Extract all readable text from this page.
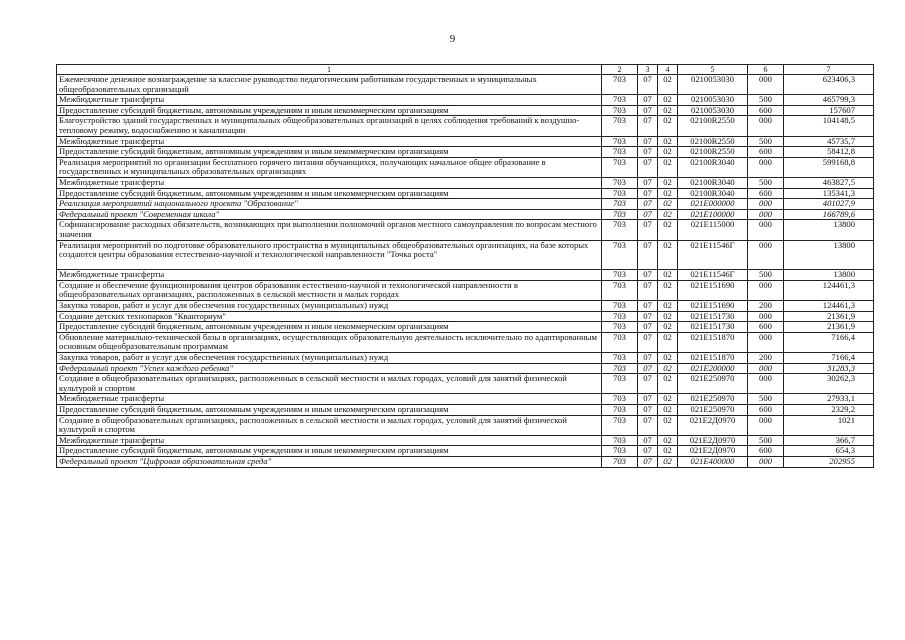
9
1	2	3	4	5	6	7
Ежемесячное денежное вознаграждение за классное руководство педагогическим работникам государственных и муниципальных общеобразовательных организаций	703	07	02	0210053030	000	623406,3
Межбюджетные трансферты	703	07	02	0210053030	500	465799,3
Предоставление субсидий бюджетным, автономным учреждениям и иным некоммерческим организациям	703	07	02	0210053030	600	157607
Благоустройство зданий государственных и муниципальных общеобразовательных организаций в целях соблюдения требований к воздушно-тепловому режиму, водоснабжению и канализации	703	07	02	02100R2550	000	104148,5
Межбюджетные трансферты	703	07	02	02100R2550	500	45735,7
Предоставление субсидий бюджетным, автономным учреждениям и иным некоммерческим организациям	703	07	02	02100R2550	600	58412,8
Реализация мероприятий по организации бесплатного горячего питания обучающихся, получающих начальное общее образование в государственных и муниципальных образовательных организациях	703	07	02	02100R3040	000	599168,8
Межбюджетные трансферты	703	07	02	02100R3040	500	463827,5
Предоставление субсидий бюджетным, автономным учреждениям и иным некоммерческим организациям	703	07	02	02100R3040	600	135341,3
Реализация мероприятий национального проекта "Образование"	703	07	02	021E000000	000	401027,9
Федеральный проект "Современная школа"	703	07	02	021E100000	000	166789,6
Софинансирование расходных обязательств, возникающих при выполнении полномочий органов местного самоуправления по вопросам местного значения	703	07	02	021E115000	000	13800
Реализация мероприятий по подготовке образовательного пространства в муниципальных общеобразовательных организациях, на базе которых создаются центры образования естественно-научной и технологической направленности "Точка роста"	703	07	02	021E11546Г	000	13800
Межбюджетные трансферты	703	07	02	021E11546Г	500	13800
Создание и обеспечение функционирования центров образования естественно-научной и технологической направленности в общеобразовательных организациях, расположенных в сельской местности и малых городах	703	07	02	021E151690	000	124461,3
Закупка товаров, работ и услуг для обеспечения государственных (муниципальных) нужд	703	07	02	021E151690	200	124461,3
Создание детских технопарков "Кванториум"	703	07	02	021E151730	000	21361,9
Предоставление субсидий бюджетным, автономным учреждениям и иным некоммерческим организациям	703	07	02	021E151730	600	21361,9
Обновление материально-технической базы в организациях, осуществляющих образовательную деятельность исключительно по адаптированным основным общеобразовательным программам	703	07	02	021E151870	000	7166,4
Закупка товаров, работ и услуг для обеспечения государственных (муниципальных) нужд	703	07	02	021E151870	200	7166,4
Федеральный проект "Успех каждого ребенка"	703	07	02	021E200000	000	31283,3
Создание в общеобразовательных организациях, расположенных в сельской местности и малых городах, условий для занятий физической культурой и спортом	703	07	02	021E250970	000	30262,3
Межбюджетные трансферты	703	07	02	021E250970	500	27933,1
Предоставление субсидий бюджетным, автономным учреждениям и иным некоммерческим организациям	703	07	02	021E250970	600	2329,2
Создание в общеобразовательных организациях, расположенных в сельской местности и малых городах, условий для занятий физической культурой и спортом	703	07	02	021E2Д0970	000	1021
Межбюджетные трансферты	703	07	02	021E2Д0970	500	366,7
Предоставление субсидий бюджетным, автономным учреждениям и иным некоммерческим организациям	703	07	02	021E2Д0970	600	654,3
Федеральный проект "Цифровая образовательная среда"	703	07	02	021E400000	000	202955
